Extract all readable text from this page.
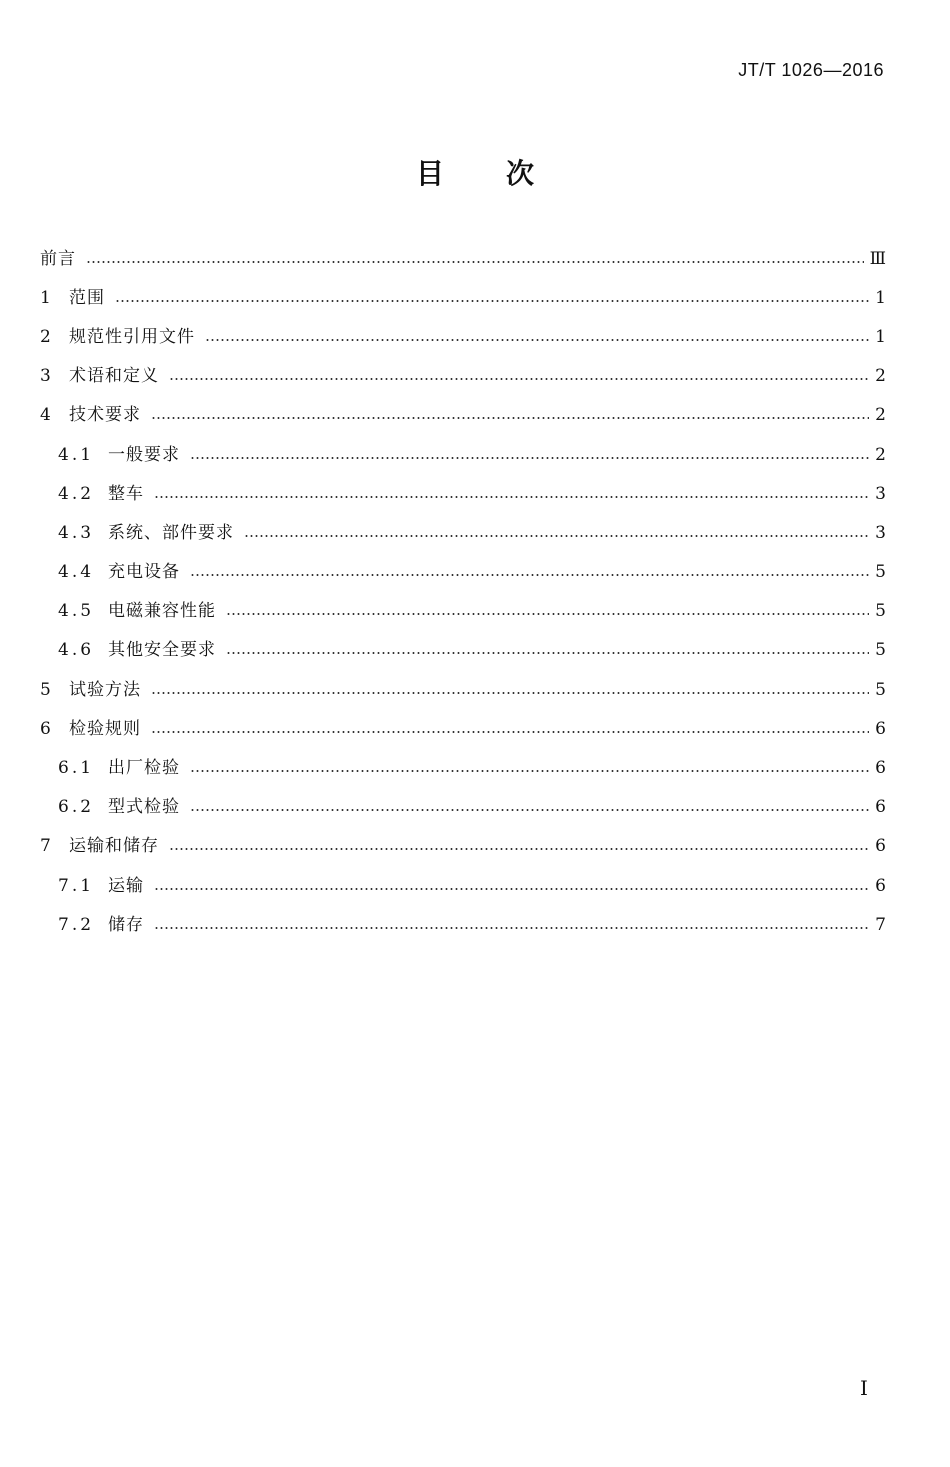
JT/T 1026—2016
目次
前言	Ⅲ
1	范围	1
2	规范性引用文件	1
3	术语和定义	2
4	技术要求	2
4.1 一般要求	2
4.2 整车	3
4.3 系统、部件要求	3
4.4 充电设备	5
4.5 电磁兼容性能	5
4.6 其他安全要求	5
5	试验方法	5
6	检验规则	6
6.1 出厂检验	6
6.2 型式检验	6
7	运输和储存	6
7.1 运输	6
7.2 储存	7
I
